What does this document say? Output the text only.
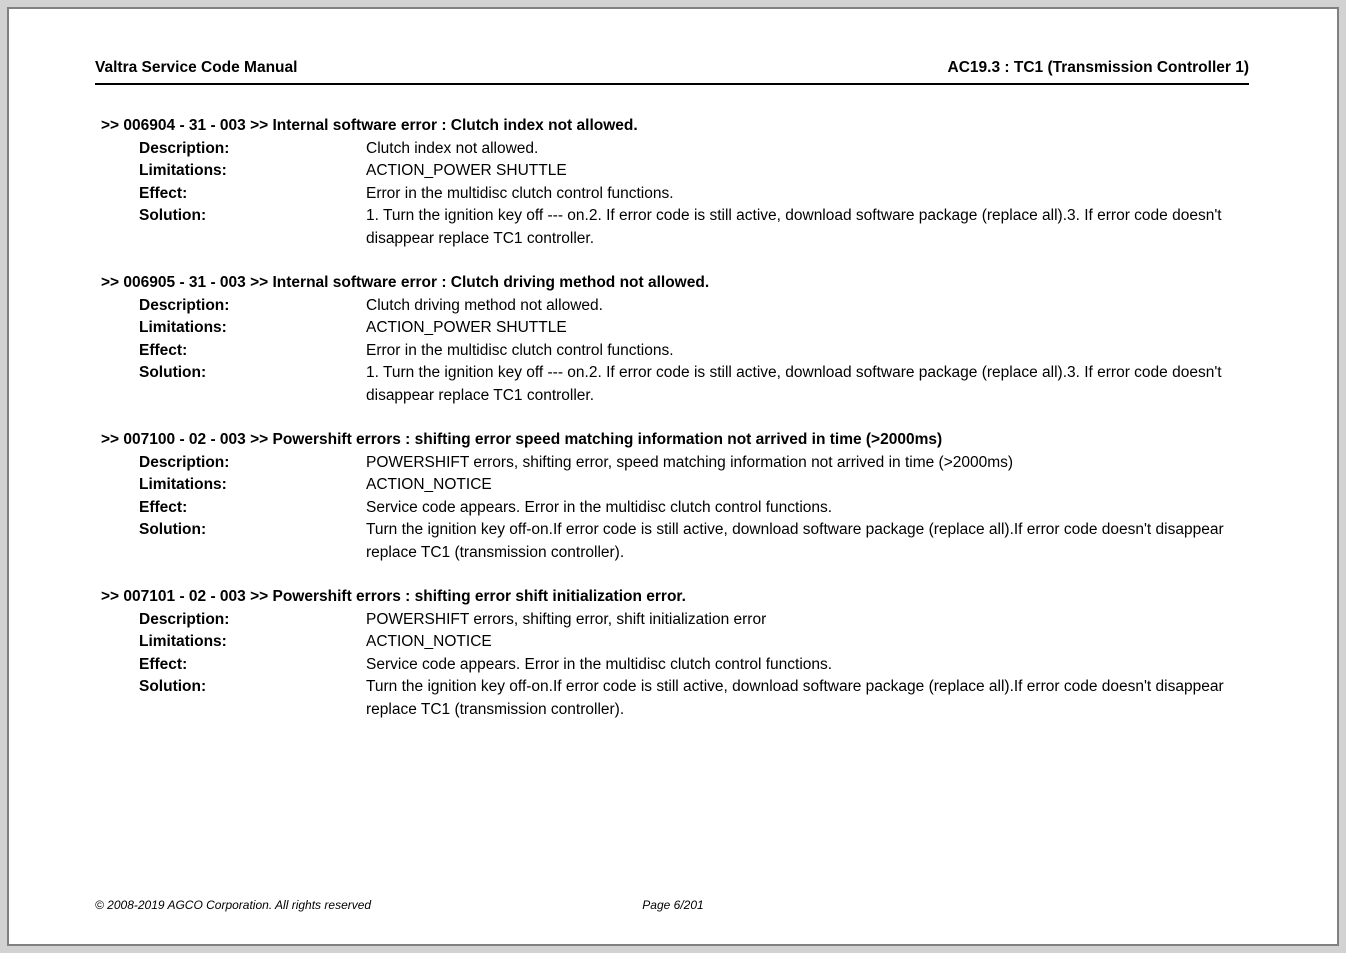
Valtra Service Code Manual	AC19.3 : TC1 (Transmission Controller 1)
>> 006904 - 31 - 003 >> Internal software error : Clutch index not allowed.
Description:	Clutch index not allowed.
Limitations:	ACTION_POWER SHUTTLE
Effect:	Error in the multidisc clutch control functions.
Solution:	1. Turn the ignition key off --- on.2. If error code is still active, download software package (replace all).3. If error code doesn't disappear replace TC1 controller.
>> 006905 - 31 - 003 >> Internal software error : Clutch driving method not allowed.
Description:	Clutch driving method not allowed.
Limitations:	ACTION_POWER SHUTTLE
Effect:	Error in the multidisc clutch control functions.
Solution:	1. Turn the ignition key off --- on.2. If error code is still active, download software package (replace all).3. If error code doesn't disappear replace TC1 controller.
>> 007100 - 02 - 003 >> Powershift errors : shifting error speed matching information not arrived in time (>2000ms)
Description:	POWERSHIFT errors, shifting error, speed matching information not arrived in time (>2000ms)
Limitations:	ACTION_NOTICE
Effect:	Service code appears. Error in the multidisc clutch control functions.
Solution:	Turn the ignition key off-on.If error code is still active, download software package (replace all).If error code doesn't disappear replace TC1 (transmission controller).
>> 007101 - 02 - 003 >> Powershift errors : shifting error shift initialization error.
Description:	POWERSHIFT errors, shifting error, shift initialization error
Limitations:	ACTION_NOTICE
Effect:	Service code appears. Error in the multidisc clutch control functions.
Solution:	Turn the ignition key off-on.If error code is still active, download software package (replace all).If error code doesn't disappear replace TC1 (transmission controller).
© 2008-2019 AGCO Corporation. All rights reserved	Page 6/201
